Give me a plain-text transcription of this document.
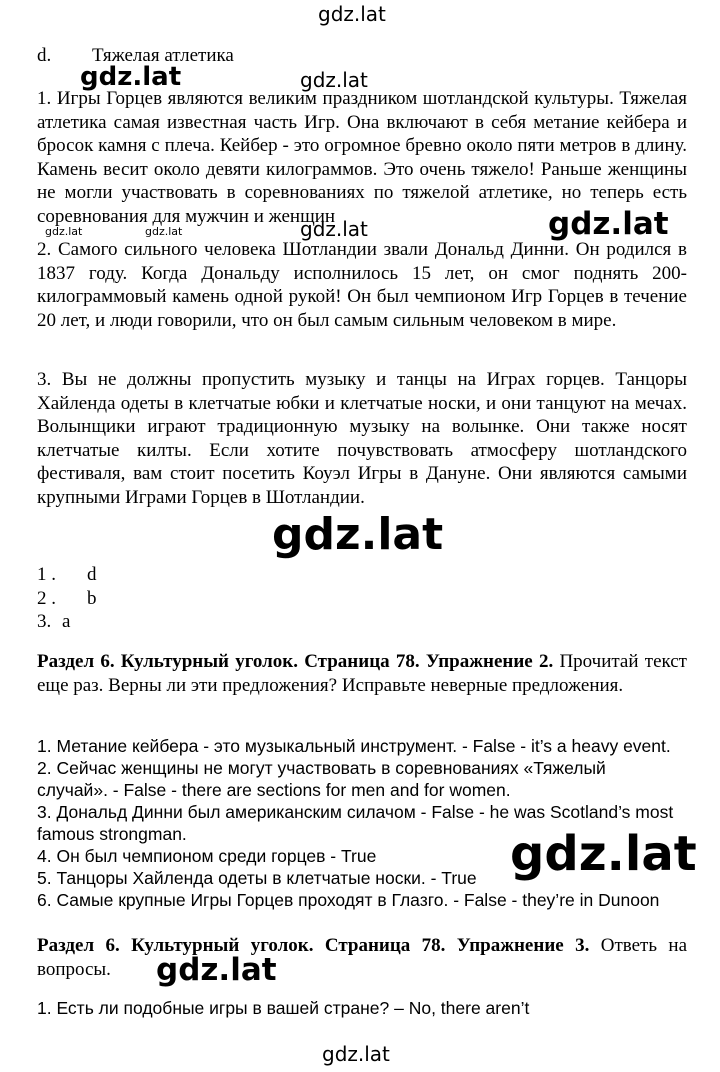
gdz.lat
gdz.lat	gdz.lat
gdz.lat	gdz.lat	gdz.lat	gdz.lat
gdz.lat
gdz.lat
gdz.lat
gdz.lat
d. Тяжелая атлетика
1. Игры Горцев являются великим праздником шотландской культуры. Тяжелая атлетика самая известная часть Игр. Она включают в себя метание кейбера и бросок камня с плеча. Кейбер - это огромное бревно около пяти метров в длину. Камень весит около девяти килограммов. Это очень тяжело! Раньше женщины не могли участвовать в соревнованиях по тяжелой атлетике, но теперь есть соревнования для мужчин и женщин
2. Самого сильного человека Шотландии звали Дональд Динни. Он родился в 1837 году. Когда Дональду исполнилось 15 лет, он смог поднять 200-килограммовый камень одной рукой! Он был чемпионом Игр Горцев в течение 20 лет, и люди говорили, что он был самым сильным человеком в мире.
3. Вы не должны пропустить музыку и танцы на Играх горцев. Танцоры Хайленда одеты в клетчатые юбки и клетчатые носки, и они танцуют на мечах. Волынщики играют традиционную музыку на волынке. Они также носят клетчатые килты. Если хотите почувствовать атмосферу шотландского фестиваля, вам стоит посетить Коуэл Игры в Дануне. Они являются самыми крупными Играми Горцев в Шотландии.
1 .	d
2 .	b
3. a
Раздел 6. Культурный уголок. Страница 78. Упражнение 2. Прочитай текст еще раз. Верны ли эти предложения? Исправьте неверные предложения.
1. Метание кейбера - это музыкальный инструмент. - False - it’s a heavy event.
2. Сейчас женщины не могут участвовать в соревнованиях «Тяжелый случай». - False - there are sections for men and for women.
3. Дональд Динни был американским силачом - False - he was Scotland’s most famous strongman.
4. Он был чемпионом среди горцев - True
5. Танцоры Хайленда одеты в клетчатые носки. - True
6. Самые крупные Игры Горцев проходят в Глазго. - False - they’re in Dunoon
Раздел 6. Культурный уголок. Страница 78. Упражнение 3. Ответь на вопросы.
1. Есть ли подобные игры в вашей стране? – No, there aren’t
